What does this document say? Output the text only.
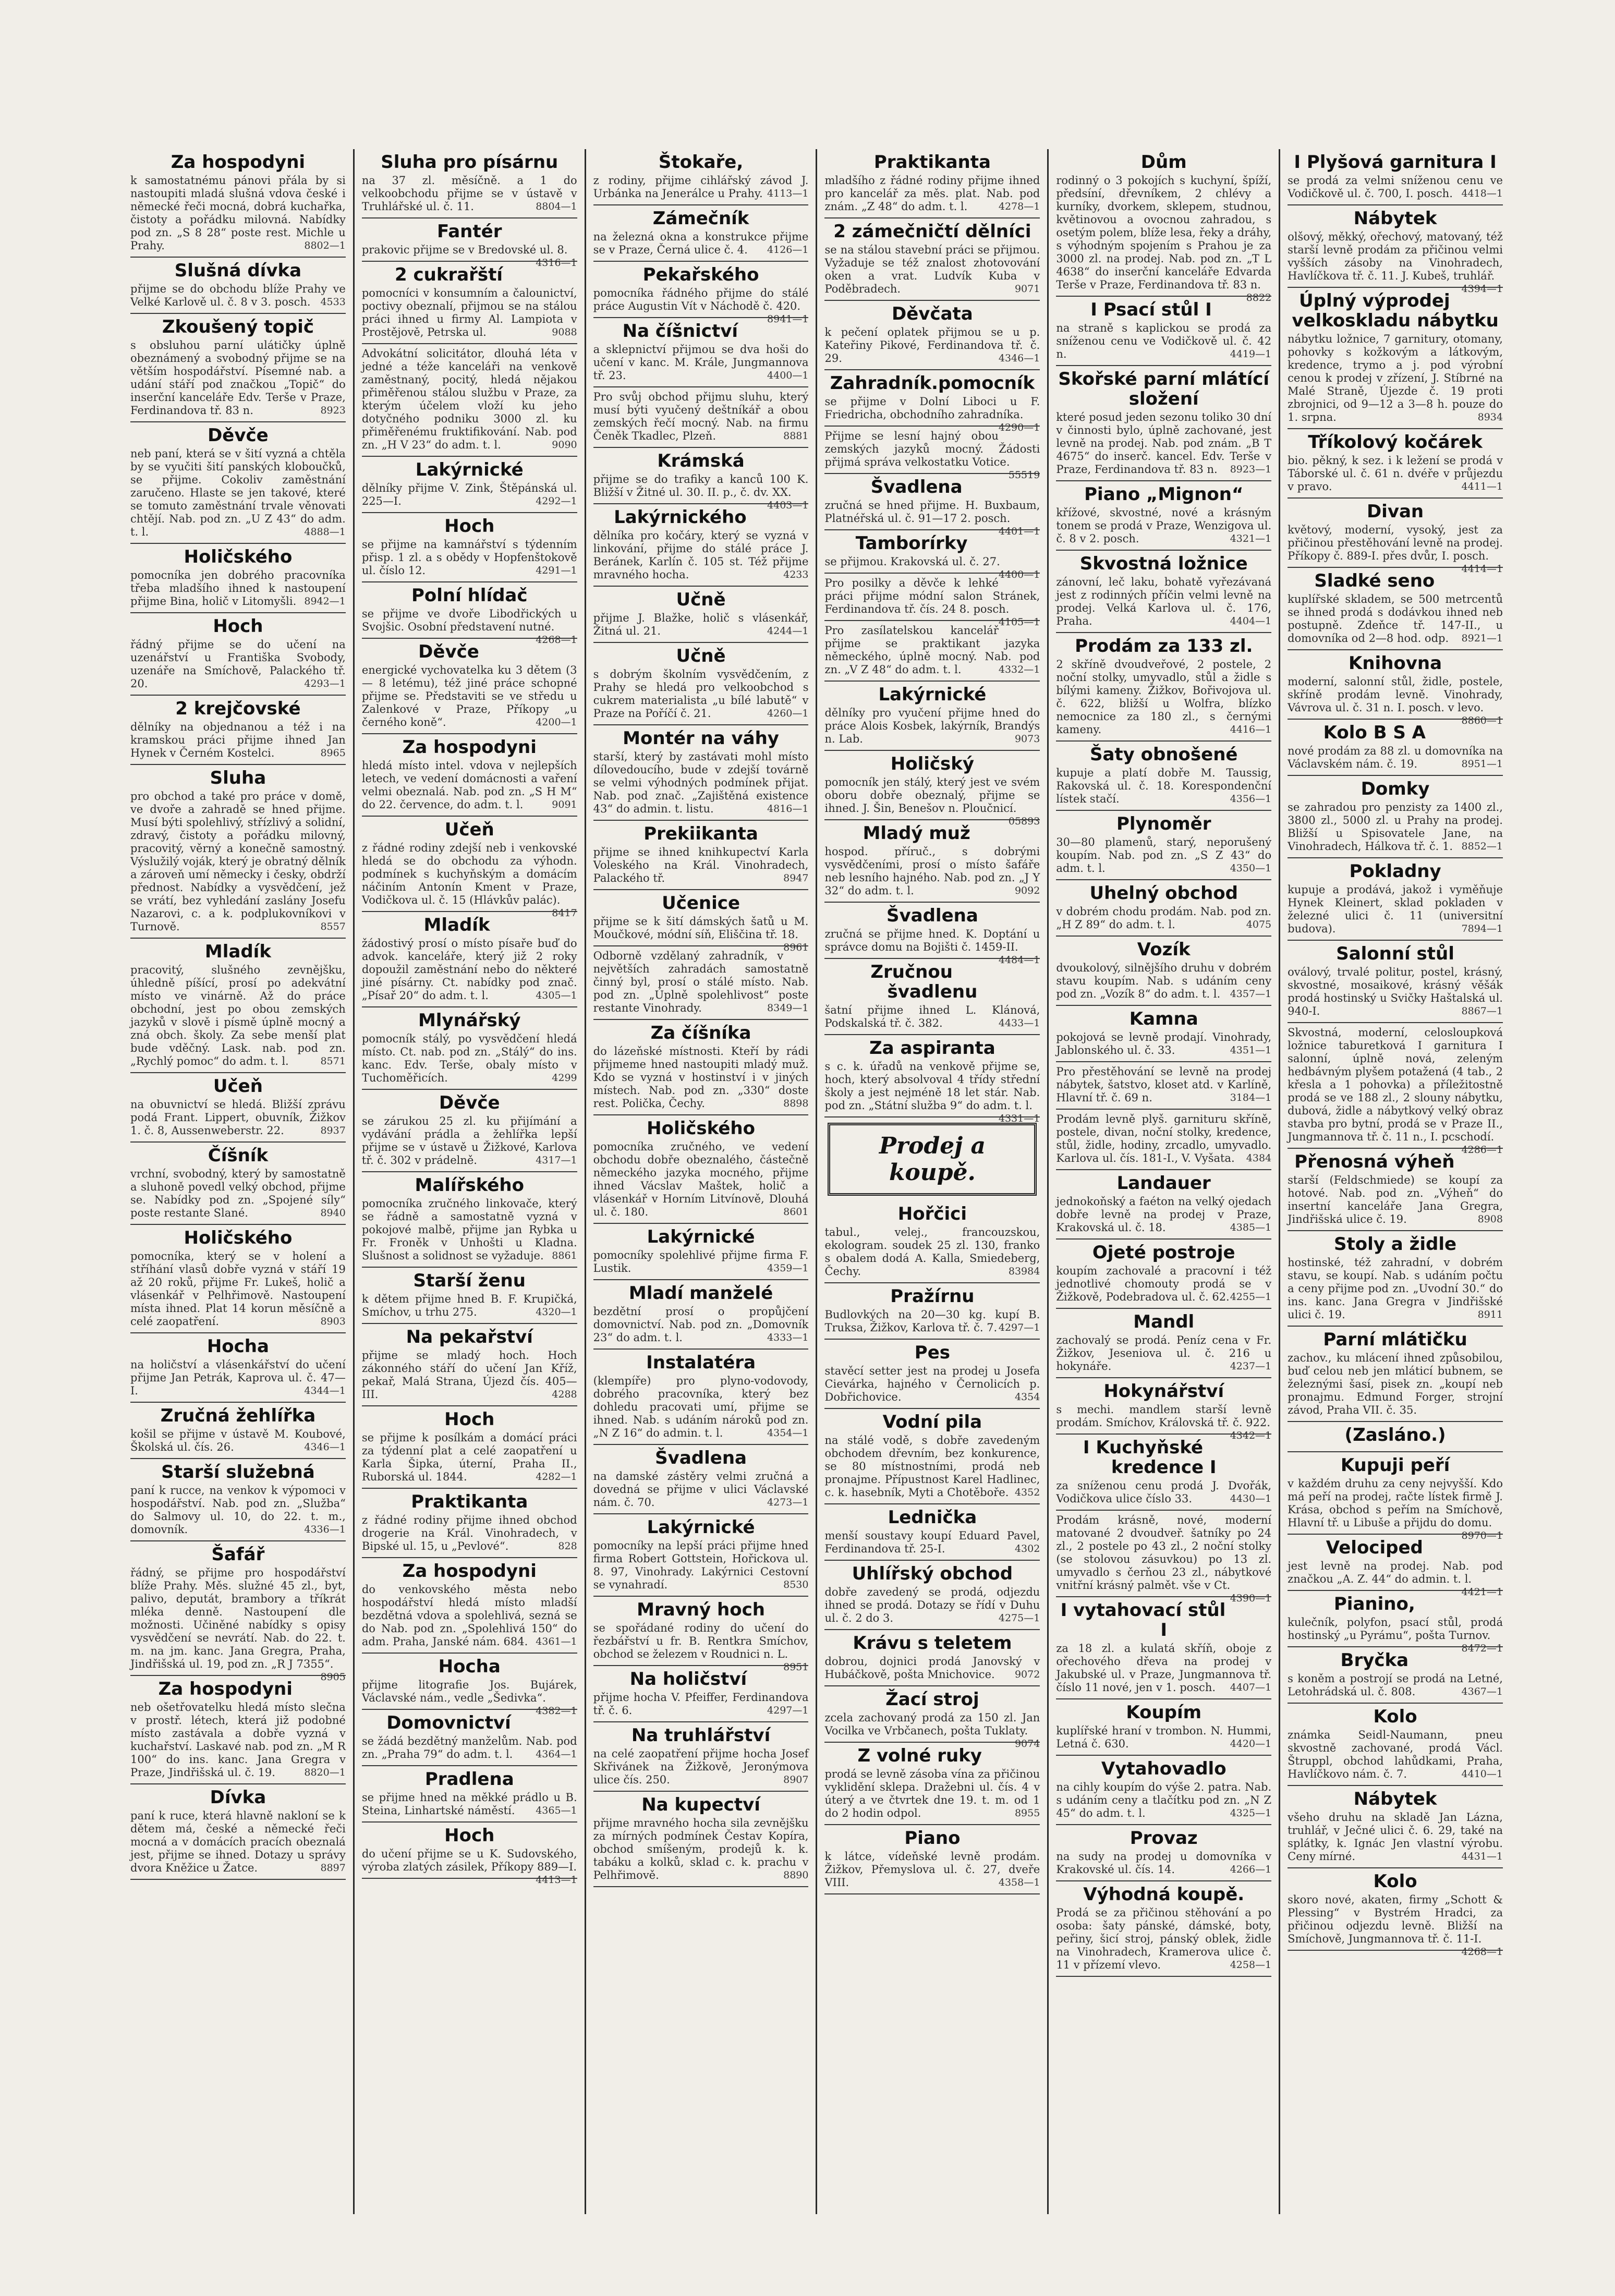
Za hospodyni

k samostatnému pánovi přála by si nastoupiti mladá slušná vdova české i německé řeči mocná, dobrá kuchařka, čistoty a pořádku milovná. Nabídky pod zn. „S 8 28“ poste rest. Michle u Prahy.	8802—1

Slušná dívka

přijme se do obchodu blíže Prahy ve Velké Karlově ul. č. 8 v 3. posch. 4533

Zkoušený topič

s obsluhou parní ulátičky úplně obeznámený a svobodný přijme se na větším hospodářství. Písemné nab. a udání stáří pod značkou „Topič“ do inserční kanceláře Edv. Terše v Praze, Ferdinandova tř. 83 n.	8923

Děvče

neb paní, která se v šití vyzná a chtěla by se vyučiti šití panských kloboučků, se přijme. Cokoliv zaměstnání zaručeno. Hlaste se jen takové, které se tomuto zaměstnání trvale věnovati chtějí. Nab. pod zn. „U Z 43“ do adm. t. l.	4888—1

Holičského

pomocníka jen dobrého pracovníka třeba mladšího ihned k nastoupení přijme Bina, holič v Litomyšli. 8942—1

Hoch

řádný přijme se do učení na uzenářství u Františka Svobody, uzenáře na Smíchově, Palackého tř. 20.	4293—1

2 krejčovské

dělníky na objednanou a též i na kramskou práci přijme ihned Jan Hynek v Černém Kostelci.	8965

Sluha

pro obchod a také pro práce v domě, ve dvoře a zahradě se hned přijme. Musí býti spolehlivý, střízlivý a solidní, zdravý, čistoty a pořádku milovný, pracovitý, věrný a konečně samostný. Výslužilý voják, který je obratný dělník a zároveň umí německy i česky, obdrží přednost. Nabídky a vysvědčení, jež se vrátí, bez vyhledání zaslány Josefu Nazarovi, c. a k. podplukovníkovi v Turnově.	8557

Mladík

pracovitý, slušného zevnějšku, úhledně píšící, prosí po adekvátní místo ve vinárně. Až do práce obchodní, jest po obou zemských jazyků v slově i písmě úplně mocný a zná obch. školy. Za sebe menší plat bude vděčný. Lask. nab. pod zn. „Rychlý pomoc“ do adm. t. l.	8571

Učeň

na obuvnictví se hledá. Bližší zprávu podá Frant. Lippert, obuvník, Žižkov 1. č. 8, Aussenweberstr. 22.	8937

Číšník

vrchní, svobodný, který by samostatně a sluhoně povedl velký obchod, přijme se. Nabídky pod zn. „Spojené síly“ poste restante Slané.	8940

Holičského

pomocníka, který se v holení a stříhání vlasů dobře vyzná v stáří 19 až 20 roků, přijme Fr. Lukeš, holič a vlásenkář v Pelhřimově. Nastoupení místa ihned. Plat 14 korun měsíčně a celé zaopatření.	8903

Hocha

na holičství a vlásenkářství do učení přijme Jan Petrák, Kaprova ul. č. 47—I.	4344—1

Zručná žehlířka

košil se přijme v ústavě M. Koubové, Školská ul. čís. 26.	4346—1

Starší služebná

paní k rucce, na venkov k výpomoci v hospodářství. Nab. pod zn. „Služba“ do Salmovy ul. 10, do 22. t. m., domovník.	4336—1

Šafář

řádný, se přijme pro hospodářství blíže Prahy. Měs. služné 45 zl., byt, palivo, deputát, brambory a tříkrát mléka denně. Nastoupení dle možnosti. Učiněné nabídky s opisy vysvědčení se nevrátí. Nab. do 22. t. m. na jm. kanc. Jana Gregra, Praha, Jindřišská ul. 19, pod zn. „R J 7355“.
8905

Za hospodyni

neb ošetřovatelku hledá místo slečna v prostř. létech, která již podobné místo zastávala a dobře vyzná v kuchařství. Laskavé nab. pod zn. „M R 100“ do ins. kanc. Jana Gregra v Praze, Jindřišská ul. č. 19.	8820—1

Dívka

paní k ruce, která hlavně nakloní se k dětem má, české a německé řeči mocná a v domácích pracích obeznalá jest, přijme se ihned. Dotazy u správy dvora Kněžice u Žatce.	8897

Sluha pro písárnu

na 37 zl. měsíčně. a 1 do velkoobchodu přijme se v ústavě v Truhlářské ul. č. 11.	8804—1

Fantér

prakovic přijme se v Bredovské ul. 8.
4316—1

2 cukrařští

pomocníci v konsumním a čalounictví, poctivy obeznalí, přijmou se na stálou práci ihned u firmy Al. Lampiota v Prostějově, Petrska ul.	9088

Advokátní solicitátor, dlouhá léta v jedné a téže kanceláři na venkově zaměstnaný, pocitý, hledá nějakou přiměřenou stálou službu v Praze, za kterým účelem vloží ku jeho dotyčného podniku 3000 zl. ku přiměřenému fruktifikování. Nab. pod zn. „H V 23“ do adm. t. l.	9090

Lakýrnické

dělníky přijme V. Zink, Štěpánská ul. 225—I.	4292—1

Hoch

se přijme na kamnářství s týdenním přisp. 1 zl. a s obědy v Hopfenštokově ul. číslo 12.	4291—1

Polní hlídač

se přijme ve dvoře Libodřických u Svojšic. Osobní představení nutné.
4268—1

Děvče

energické vychovatelka ku 3 dětem (3 — 8 letému), též jiné práce schopné přijme se. Představiti se ve středu u Zalenkové v Praze, Příkopy „u černého koně“.	4200—1

Za hospodyni

hledá místo intel. vdova v nejlepších letech, ve vedení domácnosti a vaření velmi obeznalá. Nab. pod zn. „S H M“ do 22. července, do adm. t. l.	9091

Učeň

z řádné rodiny zdejší neb i venkovské hledá se do obchodu za výhodn. podmínek s kuchyňským a domácím náčiním Antonín Kment v Praze, Vodičkova ul. č. 15 (Hlávkův palác).
8417

Mladík

žádostivý prosí o místo písaře buď do advok. kanceláře, který již 2 roky dopoužil zaměstnání nebo do některé jiné písárny. Ct. nabídky pod znač. „Písař 20“ do adm. t. l.	4305—1

Mlynářský

pomocník stálý, po vysvědčení hledá místo. Ct. nab. pod zn. „Stálý“ do ins. kanc. Edv. Terše, obaly místo v Tuchoměřicích.	4299

Děvče

se zárukou 25 zl. ku přijímání a vydávání prádla a žehlířka lepší přijme se v ústavě u Žižkové, Karlova tř. č. 302 v prádelně.	4317—1

Malířského

pomocníka zručného linkovače, který se řádně a samostatně vyzná v pokojové malbě, přijme jan Rybka u Fr. Froněk v Unhošti u Kladna. Slušnost a solidnost se vyžaduje. 8861

Starší ženu

k dětem přijme hned B. F. Krupičká, Smíchov, u trhu 275.	4320—1

Na pekařství

přijme se mladý hoch. Hoch zákonného stáří do učení Jan Kříž, pekař, Malá Strana, Újezd čís. 405—III.	4288

Hoch

se přijme k posílkám a domácí práci za týdenní plat a celé zaopatření u Karla Šipka, úterní, Praha II., Ruborská ul. 1844.	4282—1

Praktikanta

z řádné rodiny přijme ihned obchod drogerie na Král. Vinohradech, v Bipské ul. 15, u „Pevlové“.	828

Za hospodyni

do venkovského města nebo hospodářství hledá místo mladší bezdětná vdova a spolehlivá, sezná se do Nab. pod zn. „Spolehlivá 150“ do adm. Praha, Janské nám. 684. 4361—1

Hocha

přijme litografie Jos. Bujárek, Václavské nám., vedle „Šedivka“.
4382—1

Domovnictví

se žádá bezdětný manželům. Nab. pod zn. „Praha 79“ do adm. t. l. 4364—1

Pradlena

se přijme hned na měkké prádlo u B. Steina, Linhartské náměstí. 4365—1

Hoch

do učení přijme se u K. Sudovského, výroba zlatých zásilek, Příkopy 889—I.
4413—1

Štokaře,

z rodiny, přijme cihlářský závod J. Urbánka na Jenerálce u Prahy. 4113—1

Zámečník

na železná okna a konstrukce přijme se v Praze, Černá ulice č. 4. 4126—1

Pekařského

pomocníka řádného přijme do stálé práce Augustin Vít v Náchodě č. 420.
8941—1

Na číšnictví

a sklepnictví přijmou se dva hoši do učení v kanc. M. Krále, Jungmannova tř. 23.	4400—1

Pro svůj obchod přijmu sluhu, který musí býti vyučený deštníkář a obou zemských řečí mocný. Nab. na firmu Čeněk Tkadlec, Plzeň.	8881

Krámská

přijme se do trafiky a kanců 100 K. Bližší v Žitné ul. 30. II. p., č. dv. XX.
4403—1

Lakýrnického

dělníka pro kočáry, který se vyzná v linkování, přijme do stálé práce J. Beránek, Karlín č. 105 st. Též přijme mravného hocha.	4233

Učně

přijme J. Blažke, holič s vlásenkář, Žitná ul. 21.	4244—1

Učně

s dobrým školním vysvědčením, z Prahy se hledá pro velkoobchod s cukrem materialista „u bílé labutě“ v Praze na Poříčí č. 21.	4260—1

Montér na váhy

starší, který by zastávati mohl místo dílovedoucího, bude v zdejší továrně se velmi výhodných podmínek přijat. Nab. pod znač. „Zajištěná existence 43“ do admin. t. listu.	4816—1

Prekiikanta

přijme se ihned knihkupectví Karla Voleského na Král. Vinohradech, Palackého tř.	8947

Učenice

přijme se k šití dámských šatů u M. Moučkové, módní síň, Eliščina tř. 18.
8961

Odborně vzdělaný zahradník, v největších zahradách samostatně činný byl, prosí o stálé místo. Nab. pod zn. „Úplně spolehlivost“ poste restante Vinohrady.	8349—1

Za číšníka

do lázeňské místnosti. Kteří by rádi přijmeme hned nastoupiti mladý muž. Kdo se vyzná v hostinství i v jiných místech. Nab. pod zn. „330“ doste rest. Polička, Čechy.	8898

Holičského

pomocníka zručného, ve vedení obchodu dobře obeznalého, částečně německého jazyka mocného, přijme ihned Vácslav Maštek, holič a vlásenkář v Horním Litvínově, Dlouhá ul. č. 180.	8601

Lakýrnické

pomocníky spolehlivé přijme firma F. Lustik.	4359—1

Mladí manželé

bezdětní prosí o propůjčení domovnictví. Nab. pod zn. „Domovník 23“ do adm. t. l.	4333—1

Instalatéra

(klempíře) pro plyno-vodovody, dobrého pracovníka, který bez dohledu pracovati umí, přijme se ihned. Nab. s udáním nároků pod zn. „N Z 16“ do admin. t. l.	4354—1

Švadlena

na damské zástěry velmi zručná a dovedná se přijme v ulici Václavské nám. č. 70.	4273—1

Lakýrnické

pomocníky na lepší práci přijme hned firma Robert Gottstein, Hořickova ul. 8. 97, Vinohrady. Lakýrnici Cestovní se vynahradí.	8530

Mravný hoch

se spořádané rodiny do učení do řezbářství u fr. B. Rentkra Smíchov, obchod se železem v Roudnici n. L.
8951

Na holičství

přijme hocha V. Pfeiffer, Ferdinandova tř. č. 6.	4297—1

Na truhlářství

na celé zaopatření přijme hocha Josef Skřivánek na Žižkově, Jeronýmova ulice čís. 250.	8907

Na kupectví

přijme mravného hocha sila zevnějšku za mírných podmínek Čestav Kopíra, obchod smíšeným, prodejů k. k. tabáku a kolků, sklad c. k. prachu v Pelhřimově.	8890

Praktikanta

mladšího z řádné rodiny přijme ihned pro kancelář za měs. plat. Nab. pod znám. „Z 48“ do adm. t. l.	4278—1

2 zámečničtí dělníci

se na stálou stavební práci se přijmou. Vyžaduje se též znalost zhotovování oken a vrat. Ludvík Kuba v Poděbradech.	9071

Děvčata

k pečení oplatek přijmou se u p. Kateřiny Pikové, Ferdinandova tř. č. 29.	4346—1

Zahradník.pomocník

se přijme v Dolní Liboci u F. Friedricha, obchodního zahradníka.
4290—1

Přijme se lesní hajný obou zemských jazyků mocný. Žádosti přijmá správa velkostatku Votice.
55519

Švadlena

zručná se hned přijme. H. Buxbaum, Platnéřská ul. č. 91—17 2. posch.
4401—1

Tamborírky

se přijmou. Krakovská ul. č. 27.
4400—1

Pro posilky a děvče k lehké práci přijme módní salon Stránek, Ferdinandova tř. čís. 24 8. posch.
4105—1

Pro zasílatelskou kancelář přijme se praktikant jazyka německého, úplně mocný. Nab. pod zn. „V Z 48“ do adm. t. l.	4332—1

Lakýrnické

dělníky pro vyučení přijme hned do práce Alois Kosbek, lakýrník, Brandýs n. Lab.	9073

Holičský

pomocník jen stálý, který jest ve svém oboru dobře obeznalý, přijme se ihned. J. Šin, Benešov n. Ploučnicí.
05893

Mladý muž

hospod. příruč., s dobrými vysvědčeními, prosí o místo šafáře neb lesního hajného. Nab. pod zn. „J Y 32“ do adm. t. l.	9092

Švadlena

zručná se přijme hned. K. Doptání u správce domu na Bojišti č. 1459-II.
4484—1

Zručnou švadlenu

šatní přijme ihned L. Klánová, Podskalská tř. č. 382.	4433—1

Za aspiranta

s c. k. úřadů na venkově přijme se, hoch, který absolvoval 4 třídy střední školy a jest nejméně 18 let stár. Nab. pod zn. „Státní služba 9“ do adm. t. l.
4331—1

Prodej a koupě.
Hořčici

tabul., velej., francouzskou, ekologram. soudek 25 zl. 130, franko s obalem dodá A. Kalla, Smiedeberg, Čechy.	83984

Pražírnu

Budlovkých na 20—30 kg. kupí B. Truksa, Žižkov, Karlova tř. č. 7. 4297—1

Pes

stavěcí setter jest na prodej u Josefa Cievárka, hajného v Černolicích p. Dobřichovice.	4354

Vodní pila

na stálé vodě, s dobře zavedeným obchodem dřevním, bez konkurence, se 80 místnostními, prodá neb pronajme. Přípustnost Karel Hadlinec, c. k. hasebník, Myti a Chotěboře. 4352

Lednička

menší soustavy koupí Eduard Pavel, Ferdinandova tř. 25-I.	4302

Uhlířský obchod

dobře zavedený se prodá, odjezdu ihned se prodá. Dotazy se řídí v Duhu ul. č. 2 do 3.	4275—1

Krávu s teletem

dobrou, dojnici prodá Janovský v Hubáčkově, pošta Mnichovice. 9072

Žací stroj

zcela zachovaný prodá za 150 zl. Jan Vocilka ve Vrbčanech, pošta Tuklaty.
9074

Z volné ruky

prodá se levně zásoba vína za přičinou vyklidění sklepa. Dražebni ul. čís. 4 v úterý a ve čtvrtek dne 19. t. m. od 1 do 2 hodin odpol.	8955

Piano

k látce, vídeňské levně prodám. Žižkov, Přemyslova ul. č. 27, dveře VIII.	4358—1

Dům

rodinný o 3 pokojích s kuchyní, špíží, předsíní, dřevníkem, 2 chlévy a kurníky, dvorkem, sklepem, studnou, květinovou a ovocnou zahradou, s osetým polem, blíže lesa, řeky a dráhy, s výhodným spojením s Prahou je za 3000 zl. na prodej. Nab. pod zn. „T L 4638“ do inserční kanceláře Edvarda Terše v Praze, Ferdinandova tř. 83 n.
8822

I Psací stůl I

na straně s kaplickou se prodá za sníženou cenu ve Vodičkově ul. č. 42 n.	4419—1

Skořské parní mlátící složení

které posud jeden sezonu toliko 30 dní v činnosti bylo, úplně zachované, jest levně na prodej. Nab. pod znám. „B T 4675“ do inserč. kancel. Edv. Terše v Praze, Ferdinandova tř. 83 n. 8923—1

Piano „Mignon“

křížové, skvostné, nové a krásným tonem se prodá v Praze, Wenzigova ul. č. 8 v 2. posch.	4321—1

Skvostná ložnice

zánovní, leč laku, bohatě vyřezávaná jest z rodinných příčin velmi levně na prodej. Velká Karlova ul. č. 176, Praha.	4404—1

Prodám za 133 zl.

2 skříně dvoudveřové, 2 postele, 2 noční stolky, umyvadlo, stůl a židle s bílými kameny. Žižkov, Bořivojova ul. č. 622, bližší u Wolfra, blízko nemocnice za 180 zl., s černými kameny.	4416—1

Šaty obnošené

kupuje a platí dobře M. Taussig, Rakovská ul. č. 18. Korespondenční lístek stačí.	4356—1

Plynoměr

30—80 plamenů, starý, neporušený koupím. Nab. pod zn. „S Z 43“ do adm. t. l.	4350—1

Uhelný obchod

v dobrém chodu prodám. Nab. pod zn. „H Z 89“ do adm. t. l.	4075

Vozík

dvoukolový, silnějšího druhu v dobrém stavu koupím. Nab. s udáním ceny pod zn. „Vozík 8“ do adm. t. l. 4357—1

Kamna

pokojová se levně prodají. Vinohrady, Jablonského ul. č. 33.	4351—1

Pro přestěhování se levně na prodej nábytek, šatstvo, kloset atd. v Karlíně, Hlavní tř. č. 69 n.	3184—1

Prodám levně plyš. garnituru skříně, postele, divan, noční stolky, kredence, stůl, židle, hodiny, zrcadlo, umyvadlo. Karlova ul. čís. 181-I., V. Vyšata. 4384

Landauer

jednokoňský a faéton na velký ojedach dobře levně na prodej v Praze, Krakovská ul. č. 18.	4385—1

Ojeté postroje

koupím zachovalé a pracovní i též jednotlivé chomouty prodá se v Žižkově, Podebradova ul. č. 62. 4255—1

Mandl

zachovalý se prodá. Peníz cena v Fr. Žižkov, Jeseniova ul. č. 216 u hokynáře.	4237—1

Hokynářství

s mechi. mandlem starší levně prodám. Smíchov, Královská tř. č. 922.
4342—1

I Kuchyňské kredence I

za sníženou cenu prodá J. Dvořák, Vodičkova ulice číslo 33.	4430—1

Prodám krásně, nové, moderní matované 2 dvoudveř. šatníky po 24 zl., 2 postele po 43 zl., 2 noční stolky (se stolovou zásuvkou) po 13 zl. umyvadlo s čerňou 23 zl., nábytkové vnitřní krásný palmět. vše v Ct.
4390—1

I vytahovací stůl I

za 18 zl. a kulatá skříň, oboje z ořechového dřeva na prodej v Jakubské ul. v Praze, Jungmannova tř. číslo 11 nové, jen v 1. posch. 4407—1

Koupím

kuplířské hraní v trombon. N. Hummi, Letná č. 630.	4420—1

Vytahovadlo

na cihly koupím do výše 2. patra. Nab. s udáním ceny a tlačítku pod zn. „N Z 45“ do adm. t. l.	4325—1

Provaz

na sudy na prodej u domovníka v Krakovské ul. čís. 14.	4266—1

Výhodná koupě.

Prodá se za přičinou stěhování a po osoba: šaty pánské, dámské, boty, peřiny, šicí stroj, pánský oblek, židle na Vinohradech, Kramerova ulice č. 11 v přízemí vlevo.	4258—1

I Plyšová garnitura I

se prodá za velmi sníženou cenu ve Vodičkově ul. č. 700, I. posch. 4418—1

Nábytek

olšový, měkký, ořechový, matovaný, též starší levně prodám za přičinou velmi vyšších zásoby na Vinohradech, Havlíčkova tř. č. 11. J. Kubeš, truhlář.
4394—1

Úplný výprodej velkoskladu nábytku

nábytku ložnice, 7 garnitury, otomany, pohovky s kožkovým a látkovým, kredence, trymo a j. pod výrobní cenou k prodej v zřízení, J. Stíbrné na Malé Straně, Újezde č. 19 proti zbrojnici, od 9—12 a 3—8 h. pouze do 1. srpna.	8934

Tříkolový kočárek

bio. pěkný, k sez. i k ležení se prodá v Táborské ul. č. 61 n. dvéře v průjezdu v pravo.	4411—1

Divan

květový, moderní, vysoký, jest za přičinou přestěhování levně na prodej. Příkopy č. 889-I. přes dvůr, I. posch.
4414—1

Sladké seno

kuplířské skladem, se 500 metrcentů se ihned prodá s dodávkou ihned neb postupně. Zdeňce tř. 147-II., u domovníka od 2—8 hod. odp. 8921—1

Knihovna

moderní, salonní stůl, židle, postele, skříně prodám levně. Vinohrady, Vávrova ul. č. 31 n. I. posch. v levo.
8860—1

Kolo B S A

nové prodám za 88 zl. u domovníka na Václavském nám. č. 19.	8951—1

Domky

se zahradou pro penzisty za 1400 zl., 3800 zl., 5000 zl. u Prahy na prodej. Bližší u Spisovatele Jane, na Vinohradech, Hálkova tř. č. 1. 8852—1

Pokladny

kupuje a prodává, jakož i vyměňuje Hynek Kleinert, sklad pokladen v železné ulici č. 11 (universitní budova).	7894—1

Salonní stůl

oválový, trvalé politur, postel, krásný, skvostné, mosaikové, krásný věšák prodá hostinský u Svičky Haštalská ul. 940-I.	8867—1

Skvostná, moderní, celosloupková ložnice taburetková I garnitura I salonní, úplně nová, zeleným hedbávným plyšem potažená (4 tab., 2 křesla a 1 pohovka) a příležitostně prodá se ve 188 zl., 2 slouny nábytku, dubová, židle a nábytkový velký obraz stavba pro bytní, prodá se v Praze II., Jungmannova tř. č. 11 n., I. pcschodí.
4286—1

Přenosná výheň

starší (Feldschmiede) se koupí za hotové. Nab. pod zn. „Výheň“ do insertní kanceláře Jana Gregra, Jindřišská ulice č. 19.	8908

Stoly a židle

hostinské, též zahradní, v dobrém stavu, se koupí. Nab. s udáním počtu a ceny přijme pod zn. „Uvodní 30.“ do ins. kanc. Jana Gregra v Jindřišské ulici č. 19.	8911

Parní mlátičku

zachov., ku mlácení ihned způsobilou, buď celou neb jen mláticí bubnem, se železnými šasí, pisek zn. „koupí neb pronajmu. Edmund Forger, strojní závod, Praha VII. č. 35.

(Zasláno.)

Kupuji peří

v každém druhu za ceny nejvyšší. Kdo má peří na prodej, račte lístek firmě J. Krása, obchod s peřím na Smíchově, Hlavní tř. u Libuše a přijdu do domu.
8970—1

Velociped

jest levně na prodej. Nab. pod značkou „A. Z. 44“ do admin. t. l.
4421—1

Pianino,

kulečník, polyfon, psací stůl, prodá hostinský „u Pyrámu“, pošta Turnov.
8472—1

Bryčka

s koněm a postrojí se prodá na Letné, Letohrádská ul. č. 808.	4367—1

Kolo

známka Seidl-Naumann, pneu skvostně zachované, prodá Václ. Štruppl, obchod lahůdkami, Praha, Havlíčkovo nám. č. 7.	4410—1

Nábytek

všeho druhu na skladě Jan Lázna, truhlář, v Ječné ulici č. 6. 29, také na splátky, k. Ignác Jen vlastní výrobu. Ceny mírné.	4431—1

Kolo

skoro nové, akaten, firmy „Schott & Plessing“ v Bystrém Hradci, za přičinou odjezdu levně. Bližší na Smíchově, Jungmannova tř. č. 11-I.
4268—1
